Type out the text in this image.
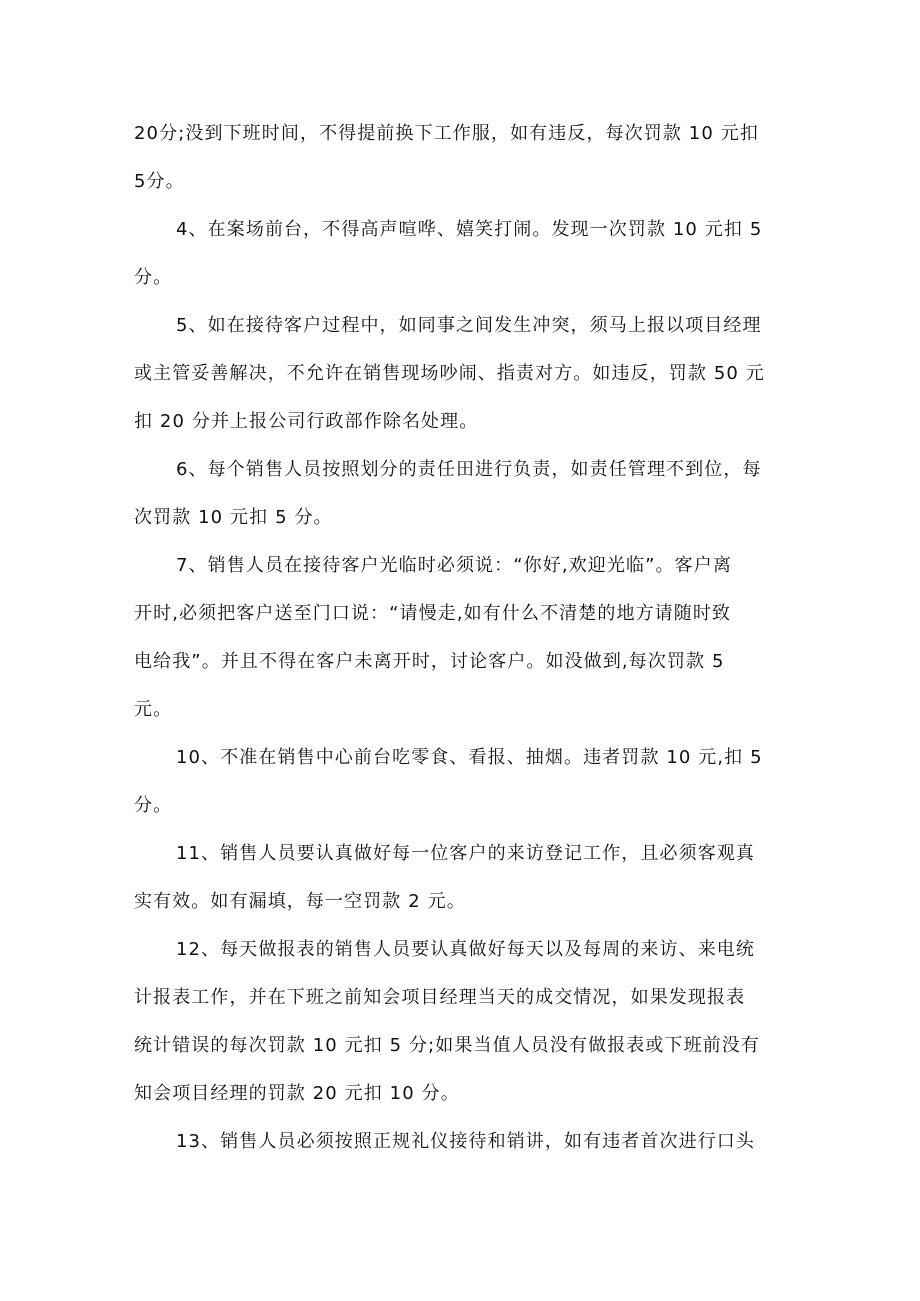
20分;没到下班时间，不得提前换下工作服，如有违反，每次罚款 10 元扣
5分。
4、在案场前台，不得高声喧哗、嬉笑打闹。发现一次罚款 10 元扣 5
分。
5、如在接待客户过程中，如同事之间发生冲突，须马上报以项目经理
或主管妥善解决，不允许在销售现场吵闹、指责对方。如违反，罚款 50 元
扣 20 分并上报公司行政部作除名处理。
6、每个销售人员按照划分的责任田进行负责，如责任管理不到位，每
次罚款 10 元扣 5 分。
7、销售人员在接待客户光临时必须说：“你好,欢迎光临”。客户离
开时,必须把客户送至门口说：“请慢走,如有什么不清楚的地方请随时致
电给我”。并且不得在客户未离开时，讨论客户。如没做到,每次罚款 5
元。
10、不准在销售中心前台吃零食、看报、抽烟。违者罚款 10 元,扣 5
分。
11、销售人员要认真做好每一位客户的来访登记工作，且必须客观真
实有效。如有漏填，每一空罚款 2 元。
12、每天做报表的销售人员要认真做好每天以及每周的来访、来电统
计报表工作，并在下班之前知会项目经理当天的成交情况，如果发现报表
统计错误的每次罚款 10 元扣 5 分;如果当值人员没有做报表或下班前没有
知会项目经理的罚款 20 元扣 10 分。
13、销售人员必须按照正规礼仪接待和销讲，如有违者首次进行口头
